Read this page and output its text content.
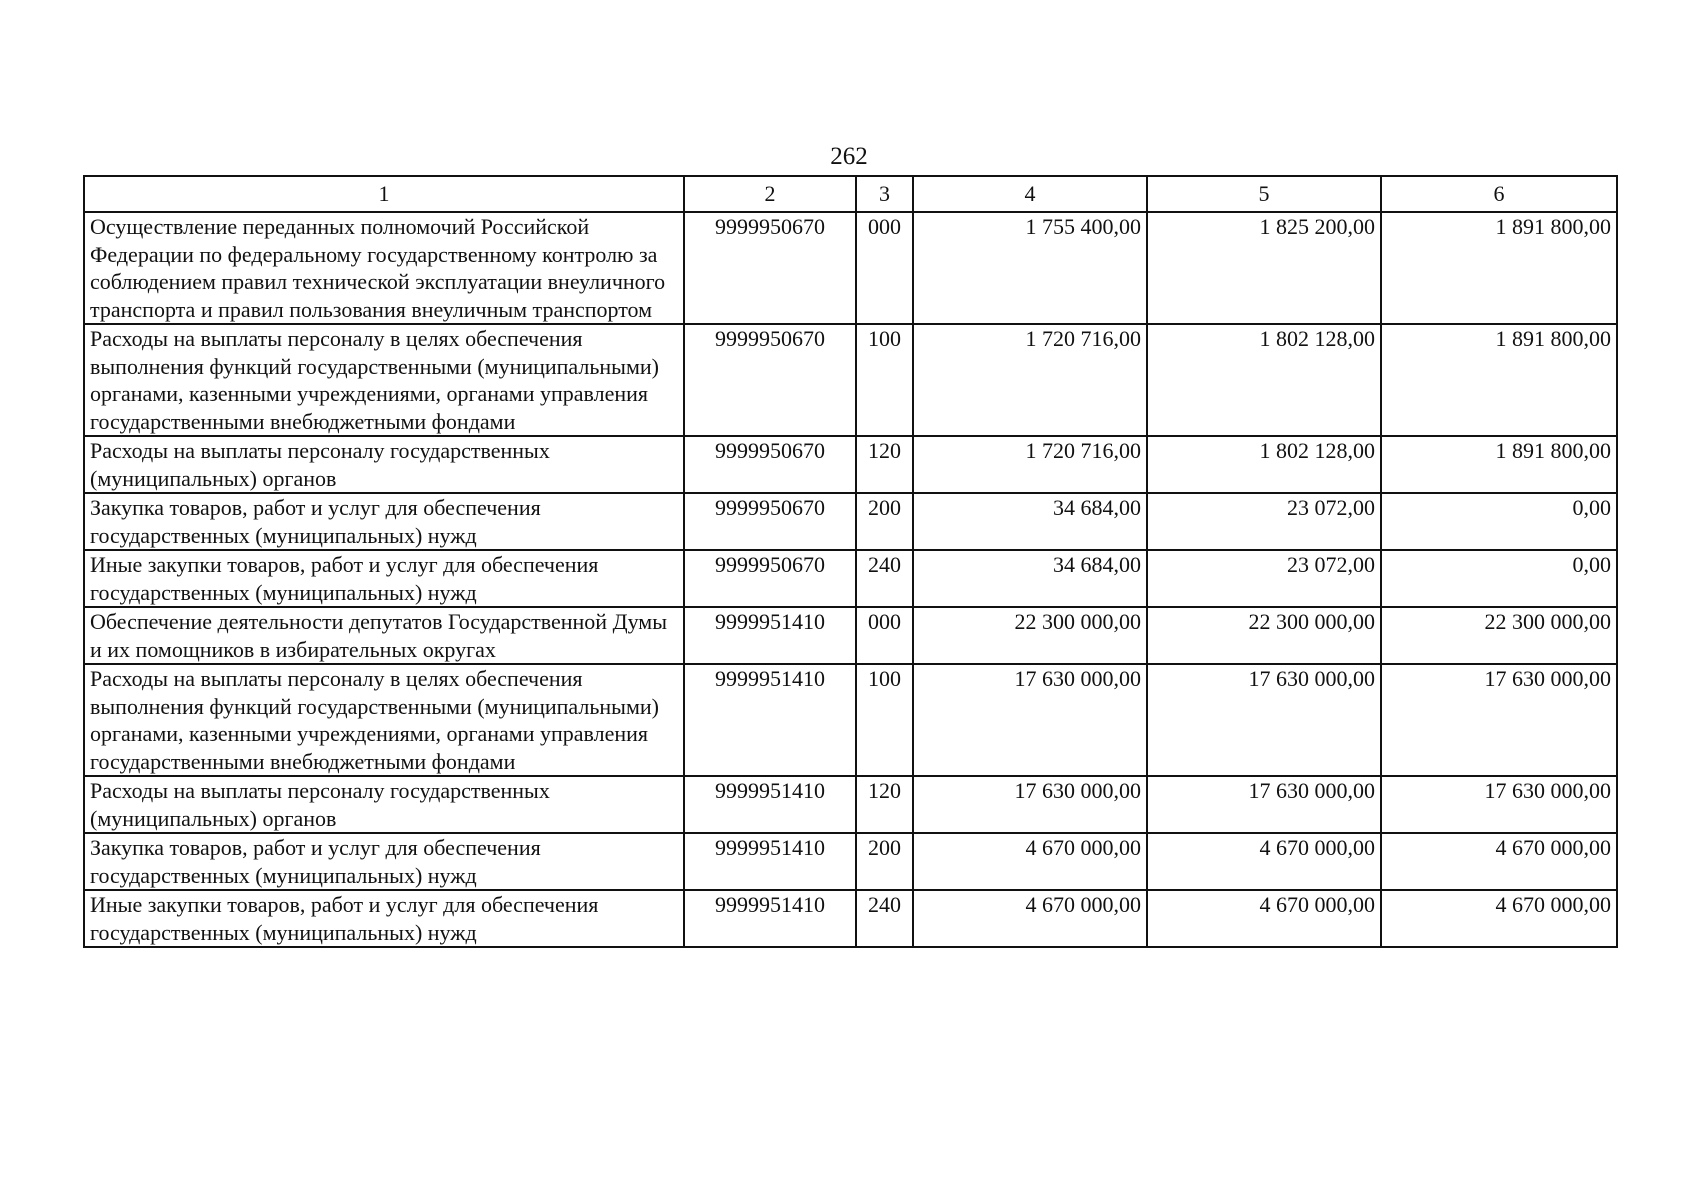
262
1	2	3	4	5	6
Осуществление переданных полномочий Российской Федерации по федеральному государственному контролю за соблюдением правил технической эксплуатации внеуличного транспорта и правил пользования внеуличным транспортом	9999950670	000	1 755 400,00	1 825 200,00	1 891 800,00
Расходы на выплаты персоналу в целях обеспечения выполнения функций государственными (муниципальными) органами, казенными учреждениями, органами управления государственными внебюджетными фондами	9999950670	100	1 720 716,00	1 802 128,00	1 891 800,00
Расходы на выплаты персоналу государственных (муниципальных) органов	9999950670	120	1 720 716,00	1 802 128,00	1 891 800,00
Закупка товаров, работ и услуг для обеспечения государственных (муниципальных) нужд	9999950670	200	34 684,00	23 072,00	0,00
Иные закупки товаров, работ и услуг для обеспечения государственных (муниципальных) нужд	9999950670	240	34 684,00	23 072,00	0,00
Обеспечение деятельности депутатов Государственной Думы и их помощников в избирательных округах	9999951410	000	22 300 000,00	22 300 000,00	22 300 000,00
Расходы на выплаты персоналу в целях обеспечения выполнения функций государственными (муниципальными) органами, казенными учреждениями, органами управления государственными внебюджетными фондами	9999951410	100	17 630 000,00	17 630 000,00	17 630 000,00
Расходы на выплаты персоналу государственных (муниципальных) органов	9999951410	120	17 630 000,00	17 630 000,00	17 630 000,00
Закупка товаров, работ и услуг для обеспечения государственных (муниципальных) нужд	9999951410	200	4 670 000,00	4 670 000,00	4 670 000,00
Иные закупки товаров, работ и услуг для обеспечения государственных (муниципальных) нужд	9999951410	240	4 670 000,00	4 670 000,00	4 670 000,00
